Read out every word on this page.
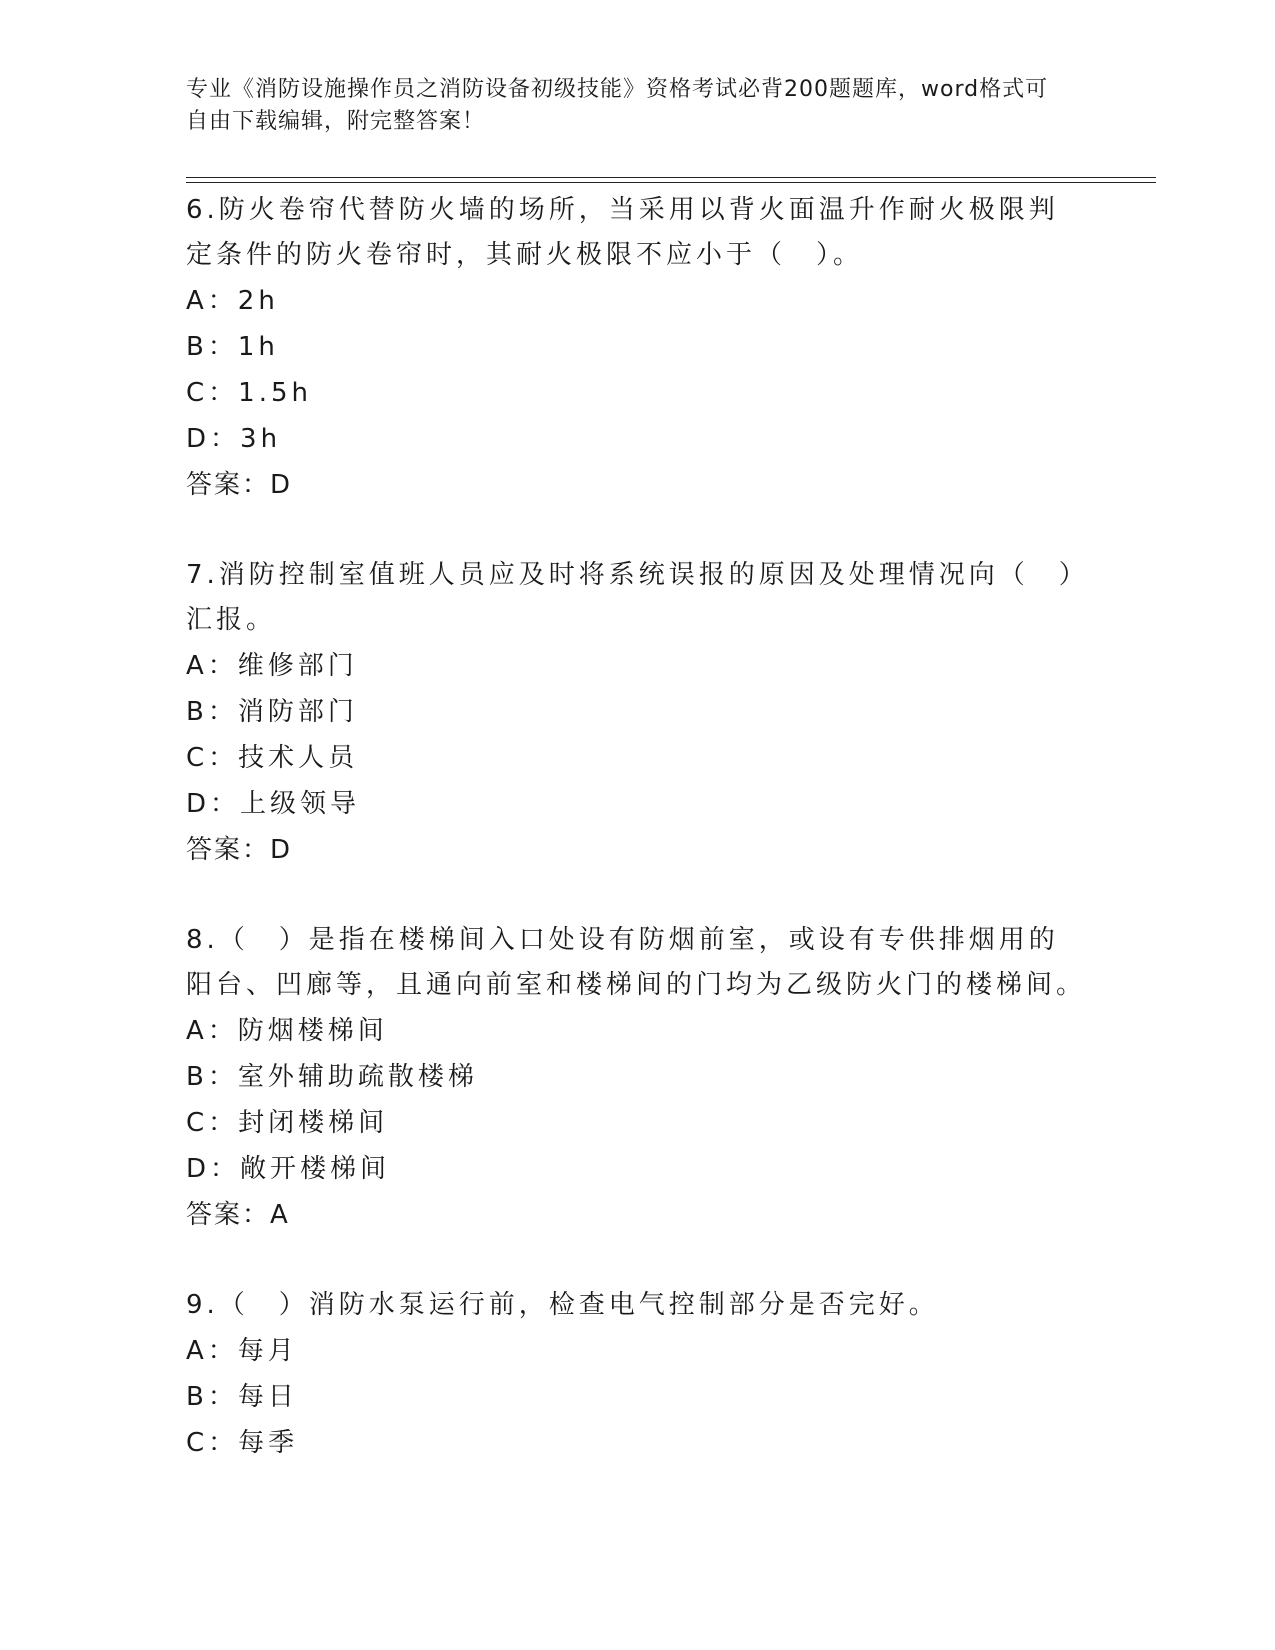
专业《消防设施操作员之消防设备初级技能》资格考试必背200题题库，word格式可自由下载编辑，附完整答案！

6.防火卷帘代替防火墙的场所，当采用以背火面温升作耐火极限判定条件的防火卷帘时，其耐火极限不应小于（　）。

A：2h

B：1h

C：1.5h

D：3h

答案：D

7.消防控制室值班人员应及时将系统误报的原因及处理情况向（　）汇报。

A：维修部门

B：消防部门

C：技术人员

D：上级领导

答案：D

8.（　）是指在楼梯间入口处设有防烟前室，或设有专供排烟用的阳台、凹廊等，且通向前室和楼梯间的门均为乙级防火门的楼梯间。

A：防烟楼梯间

B：室外辅助疏散楼梯

C：封闭楼梯间

D：敞开楼梯间

答案：A

9.（　）消防水泵运行前，检查电气控制部分是否完好。

A：每月

B：每日

C：每季
